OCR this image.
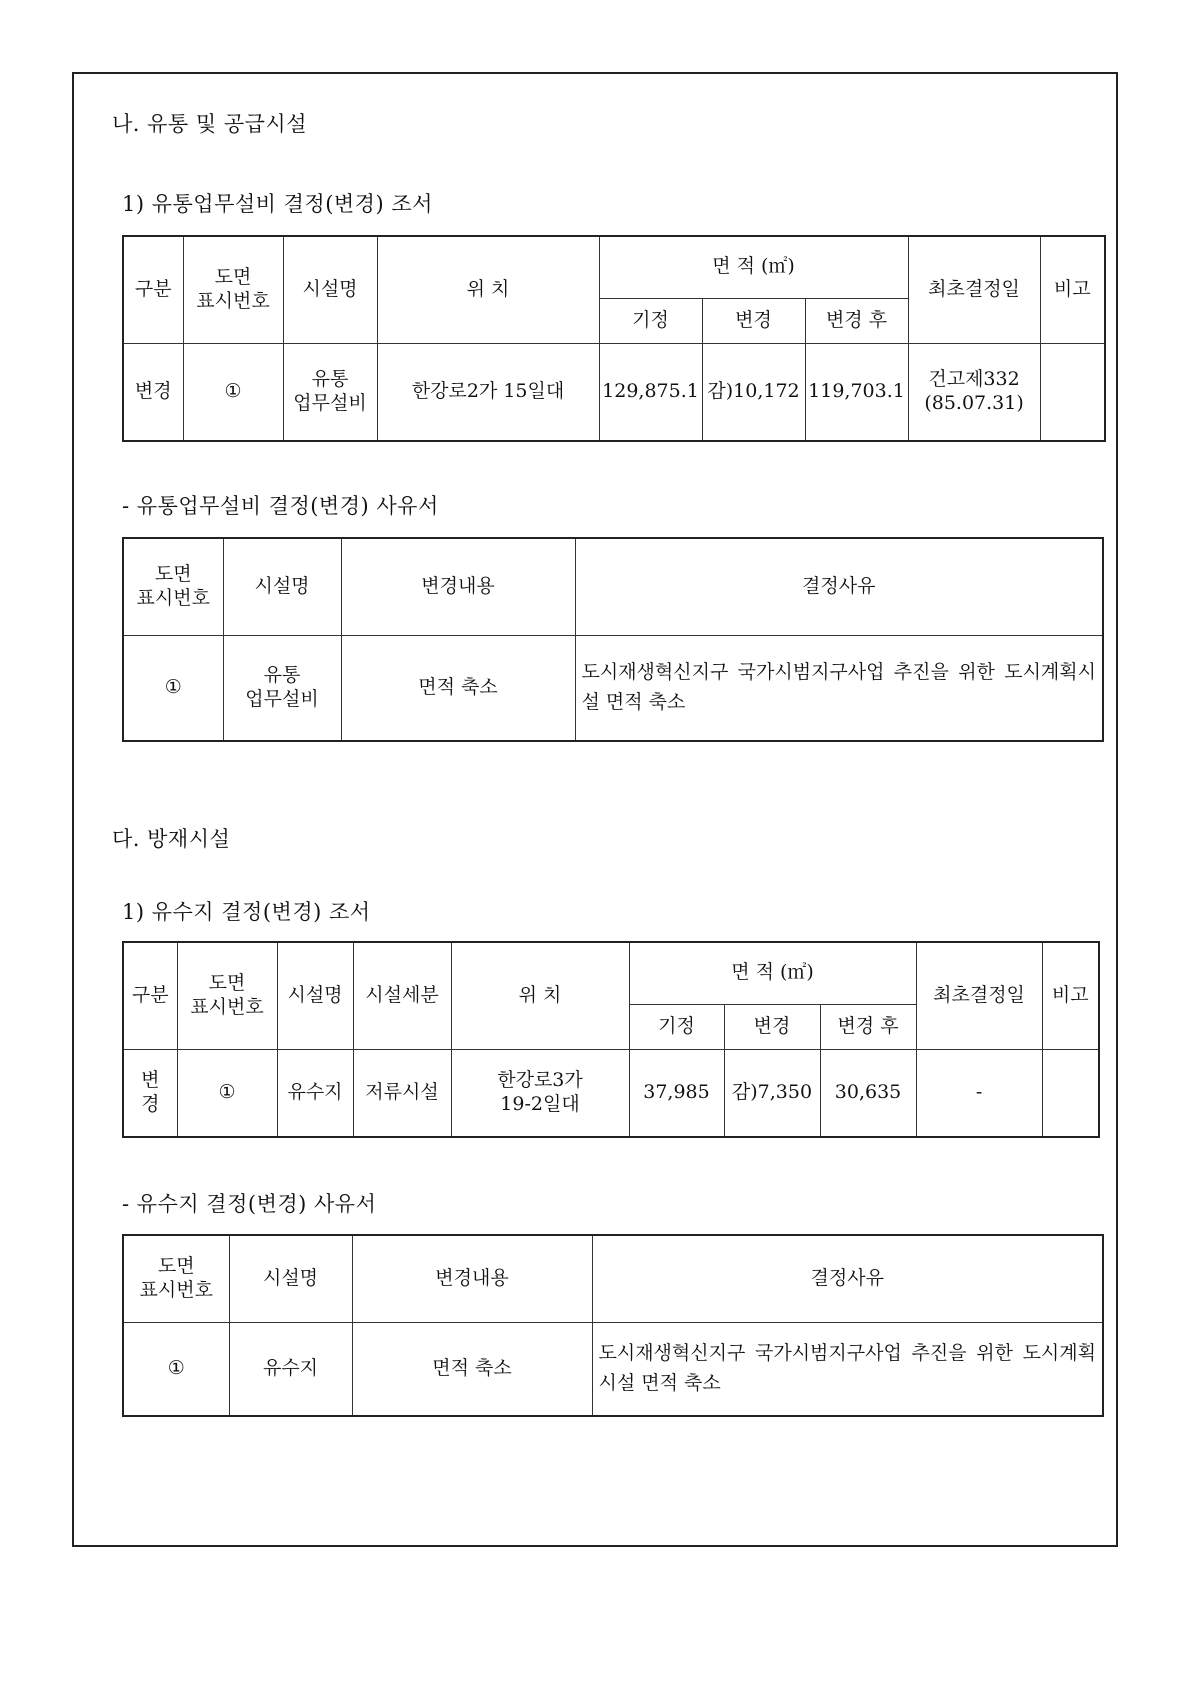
나. 유통 및 공급시설
1) 유통업무설비 결정(변경) 조서
구분	도면
표시번호	시설명	위 치	면 적 (㎡)			최초결정일	비고
				기정	변경	변경 후		
변경	①	유통
업무설비	한강로2가 15일대	129,875.1	감)10,172	119,703.1	건고제332
(85.07.31)	
- 유통업무설비 결정(변경) 사유서
도면
표시번호	시설명	변경내용	결정사유
①	유통
업무설비	면적 축소	도시재생혁신지구 국가시범지구사업 추진을 위한 도시계획시설 면적 축소
다. 방재시설
1) 유수지 결정(변경) 조서
구분	도면
표시번호	시설명	시설세분	위 치	면 적 (㎡)			최초결정일	비고
					기정	변경	변경 후		
변
경	①	유수지	저류시설	한강로3가
19-2일대	37,985	감)7,350	30,635	-	
- 유수지 결정(변경) 사유서
도면
표시번호	시설명	변경내용	결정사유
①	유수지	면적 축소	도시재생혁신지구 국가시범지구사업 추진을 위한 도시계획시설 면적 축소
